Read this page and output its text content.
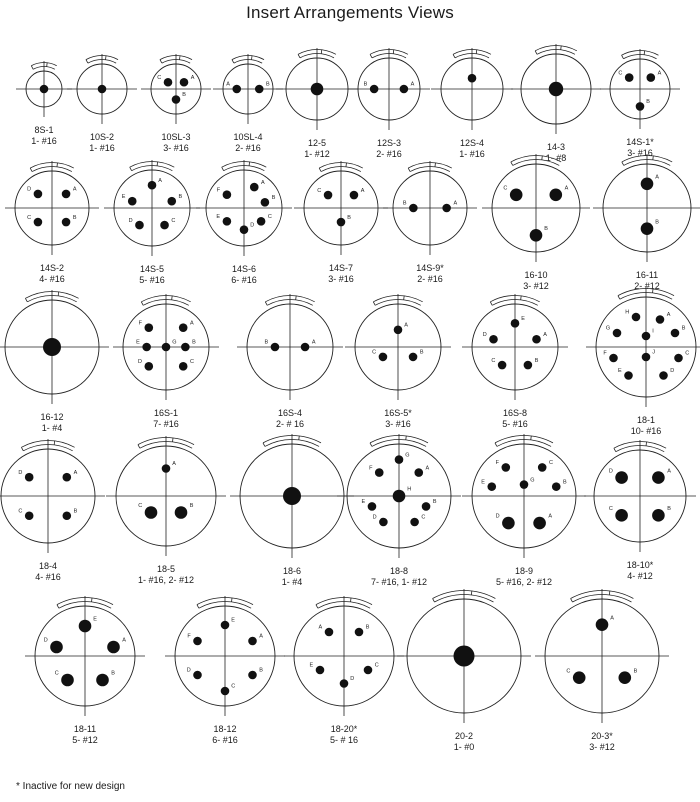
Insert Arrangements Views
8S-1
1- #16	10S-2
1- #16
C	A
B
10SL-3
3- #16
A	B
10SL-4
2- #16	12-5
1- #12
B	A
12S-3
2- #16
12S-4
1- #16
14-3
1- #8
C	A
B
14S-1*
3- #16
D	A
C	B
14S-2
4- #16
A
B
C
D
E
14S-5
5- #16
A
B
C
D
E
F
14S-6
6- #16
C	A
B
14S-7
3- #16
B	A
14S-9*
2- #16
C	A
B
16-10
3- #12
A
B
16-11
2- #12
16-12
1- #4
F	A
E	G	B
D	C
16S-1
7- #16
B	A
16S-4
2- # 16
A
C	B
16S-5*
3- #16
E
A
B
C
D
16S-8
5- #16
H	A
G	B
I
F	J	C
E	D
18-1
10- #16
D	A
C	B
18-4
4- #16
A
C	B
18-5
1- #16, 2- #12
18-6
1- #4
G
F	A
H
E	B
D	C
18-8
7- #16, 1- #12
F	C
E	G	B
D	A
18-9
5- #16, 2- #12
D	A
C	B
18-10*
4- #12
E
A
B
C
D
18-11
5- #12
E
F	A
D	B
C
18-12
6- #16
A	B
E	C
D
18-20*
5- # 16	20-2
1- #0
A
C	B
20-3*
3- #12
* Inactive for new design
